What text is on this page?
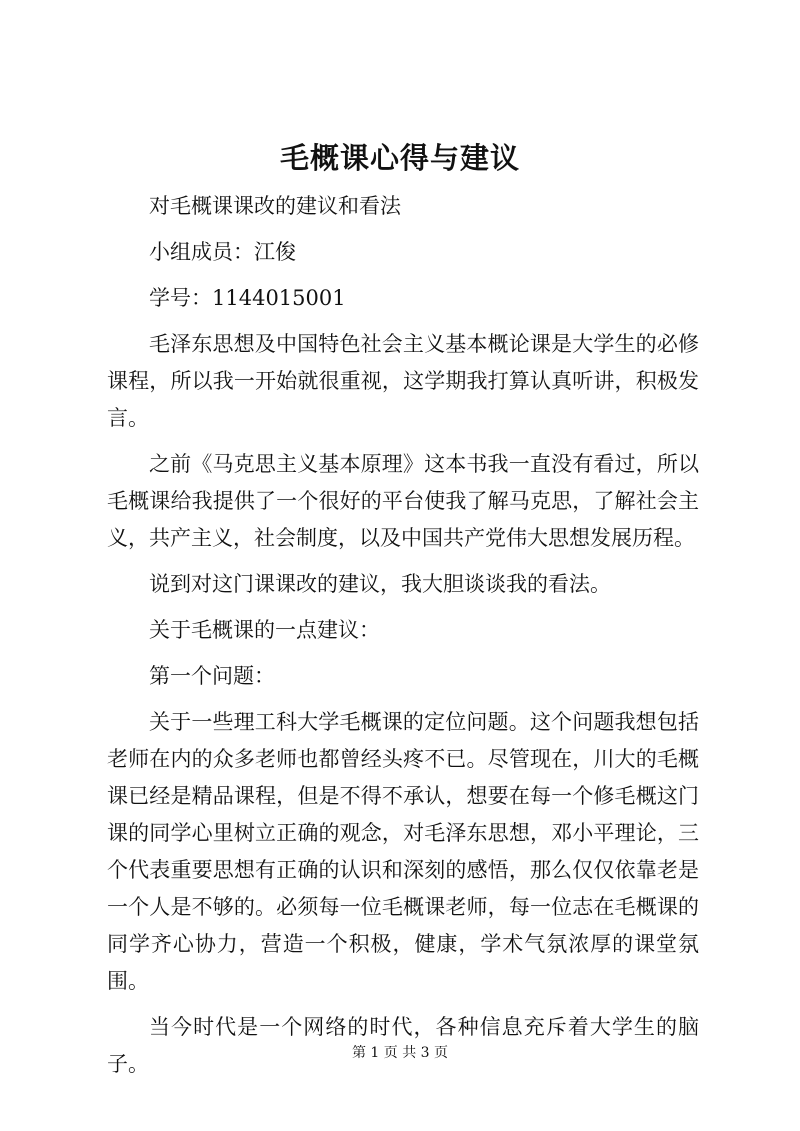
毛概课心得与建议

对毛概课课改的建议和看法

小组成员：江俊

学号：1144015001

毛泽东思想及中国特色社会主义基本概论课是大学生的必修课程，所以我一开始就很重视，这学期我打算认真听讲，积极发言。

之前《马克思主义基本原理》这本书我一直没有看过，所以毛概课给我提供了一个很好的平台使我了解马克思，了解社会主义，共产主义，社会制度，以及中国共产党伟大思想发展历程。

说到对这门课课改的建议，我大胆谈谈我的看法。

关于毛概课的一点建议：

第一个问题：

关于一些理工科大学毛概课的定位问题。这个问题我想包括老师在内的众多老师也都曾经头疼不已。尽管现在，川大的毛概课已经是精品课程，但是不得不承认，想要在每一个修毛概这门课的同学心里树立正确的观念，对毛泽东思想，邓小平理论，三个代表重要思想有正确的认识和深刻的感悟，那么仅仅依靠老是一个人是不够的。必须每一位毛概课老师，每一位志在毛概课的同学齐心协力，营造一个积极，健康，学术气氛浓厚的课堂氛围。

当今时代是一个网络的时代，各种信息充斥着大学生的脑子。	第 1 页 共 3 页
